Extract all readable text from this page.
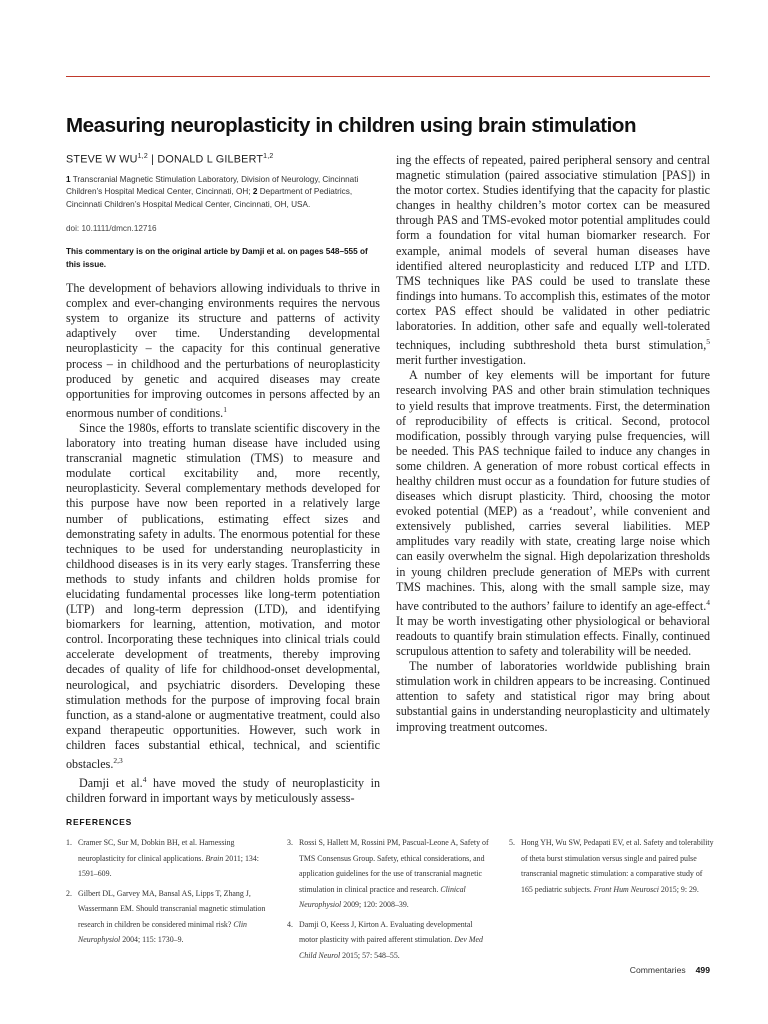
Measuring neuroplasticity in children using brain stimulation
STEVE W WU$^{1,2}$ | DONALD L GILBERT$^{1,2}$
1 Transcranial Magnetic Stimulation Laboratory, Division of Neurology, Cincinnati Children’s Hospital Medical Center, Cincinnati, OH; 2 Department of Pediatrics, Cincinnati Children’s Hospital Medical Center, Cincinnati, OH, USA.
doi: 10.1111/dmcn.12716
This commentary is on the original article by Damji et al. on pages 548–555 of this issue.

The development of behaviors allowing individuals to thrive in complex and ever-changing environments requires the nervous system to organize its structure and patterns of activity adaptively over time. Understanding developmental neuroplasticity – the capacity for this continual generative process – in childhood and the perturbations of neuroplasticity produced by genetic and acquired diseases may create opportunities for improving outcomes in persons affected by an enormous number of conditions.$^1$

Since the 1980s, efforts to translate scientific discovery in the laboratory into treating human disease have included using transcranial magnetic stimulation (TMS) to measure and modulate cortical excitability and, more recently, neuroplasticity. Several complementary methods developed for this purpose have now been reported in a relatively large number of publications, estimating effect sizes and demonstrating safety in adults. The enormous potential for these techniques to be used for understanding neuroplasticity in childhood diseases is in its very early stages. Transferring these methods to study infants and children holds promise for elucidating fundamental processes like long-term potentiation (LTP) and long-term depression (LTD), and identifying biomarkers for learning, attention, motivation, and motor control. Incorporating these techniques into clinical trials could accelerate development of treatments, thereby improving decades of quality of life for childhood-onset developmental, neurological, and psychiatric disorders. Developing these stimulation methods for the purpose of improving focal brain function, as a stand-alone or augmentative treatment, could also expand therapeutic opportunities. However, such work in children faces substantial ethical, technical, and scientific obstacles.$^{2,3}$

Damji et al.$^4$ have moved the study of neuroplasticity in children forward in important ways by meticulously assess-

ing the effects of repeated, paired peripheral sensory and central magnetic stimulation (paired associative stimulation [PAS]) in the motor cortex. Studies identifying that the capacity for plastic changes in healthy children’s motor cortex can be measured through PAS and TMS-evoked motor potential amplitudes could form a foundation for vital human biomarker research. For example, animal models of several human diseases have identified altered neuroplasticity and reduced LTP and LTD. TMS techniques like PAS could be used to translate these findings into humans. To accomplish this, estimates of the motor cortex PAS effect should be validated in other pediatric laboratories. In addition, other safe and equally well-tolerated techniques, including subthreshold theta burst stimulation,$^5$ merit further investigation.

A number of key elements will be important for future research involving PAS and other brain stimulation techniques to yield results that improve treatments. First, the determination of reproducibility of effects is critical. Second, protocol modification, possibly through varying pulse frequencies, will be needed. This PAS technique failed to induce any changes in some children. A generation of more robust cortical effects in healthy children must occur as a foundation for future studies of diseases which disrupt plasticity. Third, choosing the motor evoked potential (MEP) as a ‘readout’, while convenient and extensively published, carries several liabilities. MEP amplitudes vary readily with state, creating large noise which can easily overwhelm the signal. High depolarization thresholds in young children preclude generation of MEPs with current TMS machines. This, along with the small sample size, may have contributed to the authors’ failure to identify an age-effect.$^4$ It may be worth investigating other physiological or behavioral readouts to quantify brain stimulation effects. Finally, continued scrupulous attention to safety and tolerability will be needed.

The number of laboratories worldwide publishing brain stimulation work in children appears to be increasing. Continued attention to safety and statistical rigor may bring about substantial gains in understanding neuroplasticity and ultimately improving treatment outcomes.

REFERENCES
1. Cramer SC, Sur M, Dobkin BH, et al. Harnessing neuroplasticity for clinical applications. Brain 2011; 134: 1591–609.
2. Gilbert DL, Garvey MA, Bansal AS, Lipps T, Zhang J, Wassermann EM. Should transcranial magnetic stimulation research in children be considered minimal risk? Clin Neurophysiol 2004; 115: 1730–9.
3. Rossi S, Hallett M, Rossini PM, Pascual-Leone A, Safety of TMS Consensus Group. Safety, ethical considerations, and application guidelines for the use of transcranial magnetic stimulation in clinical practice and research. Clinical Neurophysiol 2009; 120: 2008–39.
4. Damji O, Keess J, Kirton A. Evaluating developmental motor plasticity with paired afferent stimulation. Dev Med Child Neurol 2015; 57: 548–55.
5. Hong YH, Wu SW, Pedapati EV, et al. Safety and tolerability of theta burst stimulation versus single and paired pulse transcranial magnetic stimulation: a comparative study of 165 pediatric subjects. Front Hum Neurosci 2015; 9: 29.
Commentaries 499
